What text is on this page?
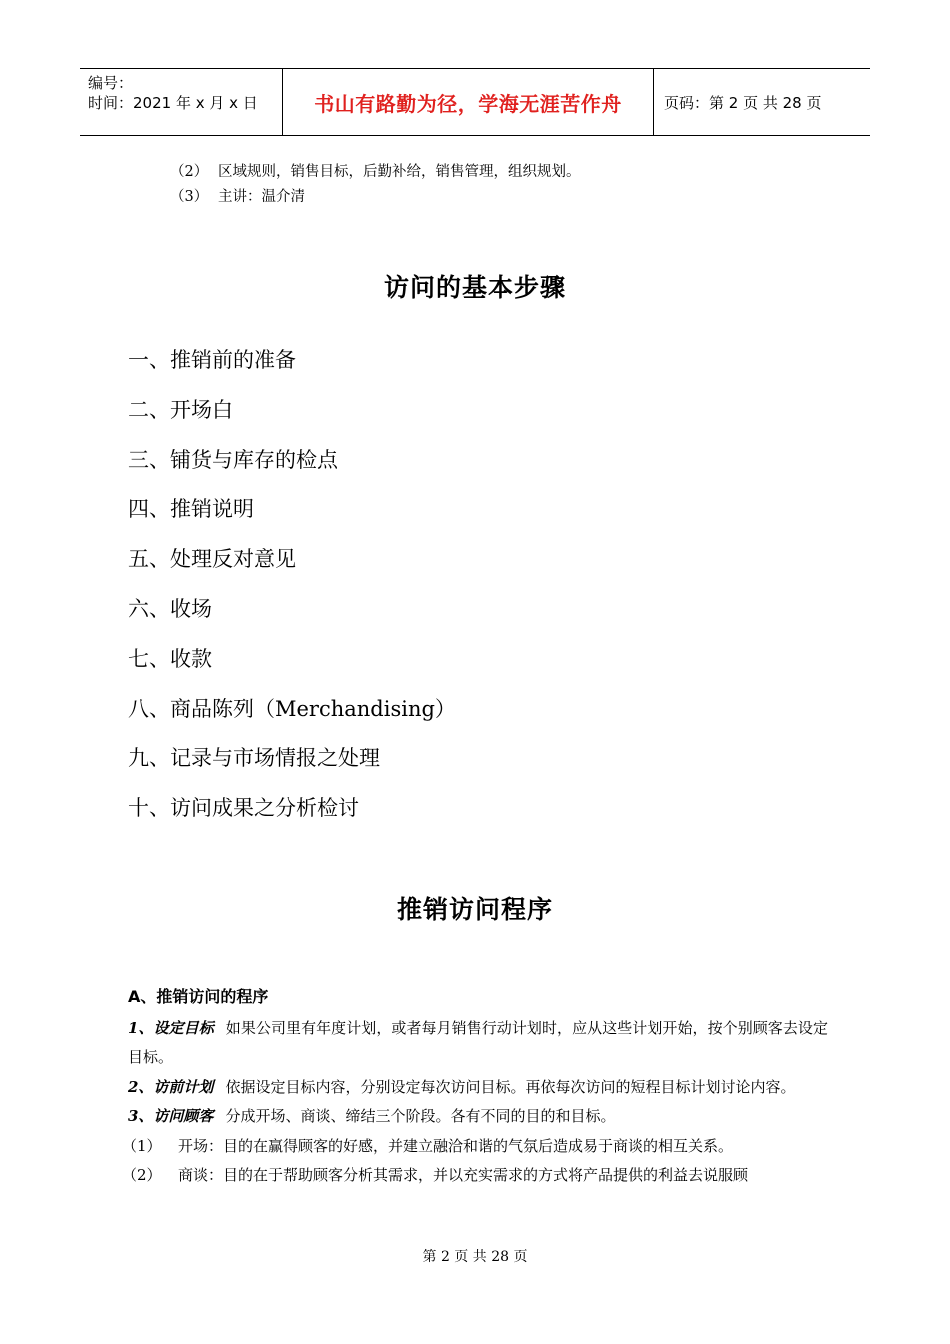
编号：
时间：2021 年 x 月 x 日	书山有路勤为径，学海无涯苦作舟	页码：第 2 页 共 28 页
（2） 区域规则，销售目标，后勤补给，销售管理，组织规划。
（3） 主讲：温介清
访问的基本步骤
一、推销前的准备
二、开场白
三、铺货与库存的检点
四、推销说明
五、处理反对意见
六、收场
七、收款
八、商品陈列（Merchandising）
九、记录与市场情报之处理
十、访问成果之分析检讨
推销访问程序
A、推销访问的程序
1、设定目标 如果公司里有年度计划，或者每月销售行动计划时，应从这些计划开始，按个别顾客去设定目标。
2、访前计划 依据设定目标内容，分别设定每次访问目标。再依每次访问的短程目标计划讨论内容。
3、访问顾客 分成开场、商谈、缔结三个阶段。各有不同的目的和目标。
（1）	开场：目的在赢得顾客的好感，并建立融洽和谐的气氛后造成易于商谈的相互关系。
（2）	商谈：目的在于帮助顾客分析其需求，并以充实需求的方式将产品提供的利益去说服顾
第 2 页 共 28 页
